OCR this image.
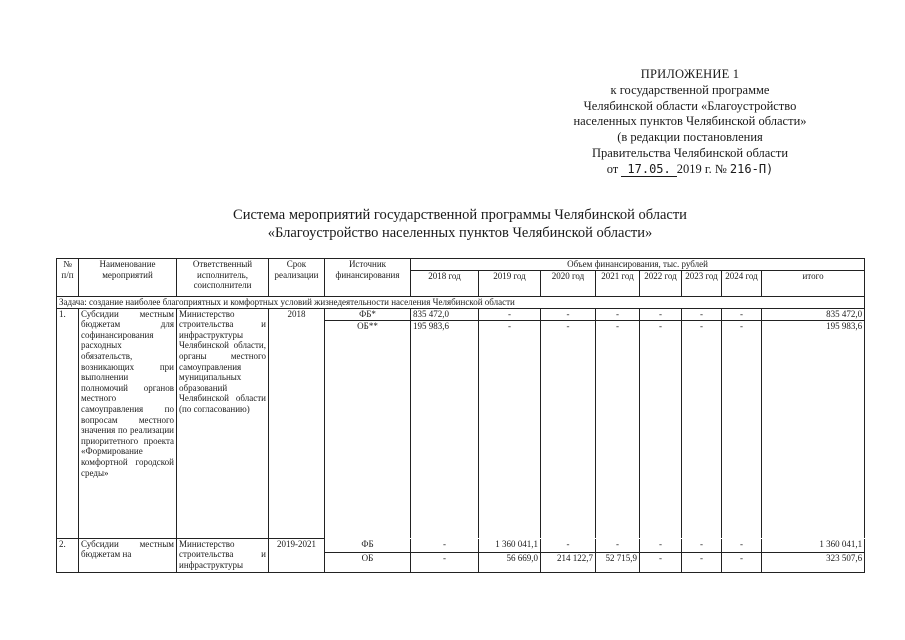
ПРИЛОЖЕНИЕ 1
к государственной программе
Челябинской области «Благоустройство
населенных пунктов Челябинской области»
(в редакции постановления
Правительства Челябинской области
от 17.05. 2019 г. № 216-П)
Система мероприятий государственной программы Челябинской области
«Благоустройство населенных пунктов Челябинской области»
№ п/п	Наименование мероприятий	Ответственный исполнитель, соисполнители	Срок реализации	Источник финансирования	Объем финансирования, тыс. рублей							
					2018 год	2019 год	2020 год	2021 год	2022 год	2023 год	2024 год	итого
Задача: создание наиболее благоприятных и комфортных условий жизнедеятельности населения Челябинской области												
1.	Субсидии местным бюджетам для софинансирования расходных обязательств, возникающих при выполнении полномочий органов местного самоуправления по вопросам местного значения по реализации приоритетного проекта «Формирование комфортной городской среды»	Министерство строительства и инфраструктуры Челябинской области, органы местного самоуправления муниципальных образований Челябинской области (по согласованию)	2018	ФБ*	835 472,0	-	-	-	-	-	-	835 472,0
				ОБ**	195 983,6	-	-	-	-	-	-	195 983,6
2.	Субсидии местным бюджетам на	Министерство строительства и инфраструктуры	2019-2021	ФБ	-	1 360 041,1	-	-	-	-	-	1 360 041,1
				ОБ	-	56 669,0	214 122,7	52 715,9	-	-	-	323 507,6
